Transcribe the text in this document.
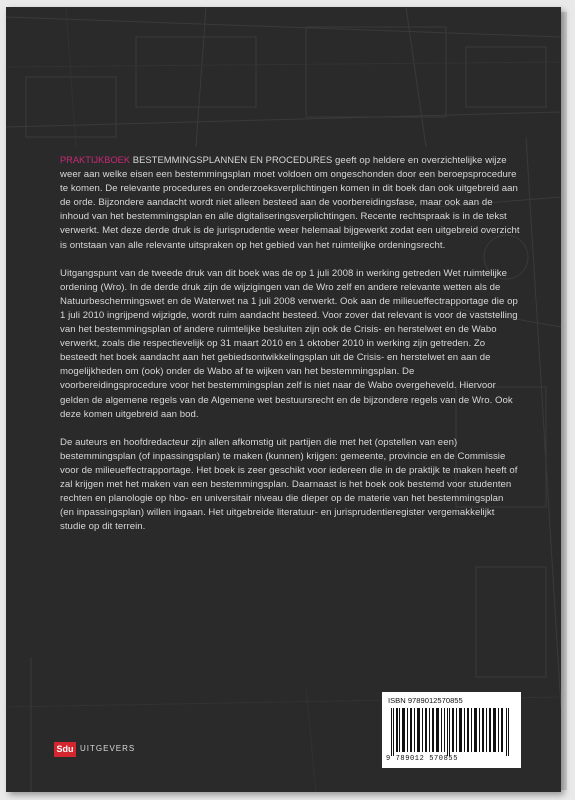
PRAKTIJKBOEK BESTEMMINGSPLANNEN EN PROCEDURES geeft op heldere en overzichtelijke wijze weer aan welke eisen een bestemmingsplan moet voldoen om ongeschonden door een beroepsprocedure te komen. De relevante procedures en onderzoeksverplichtingen komen in dit boek dan ook uitgebreid aan de orde. Bijzondere aandacht wordt niet alleen besteed aan de voorbereidingsfase, maar ook aan de inhoud van het bestemmingsplan en alle digitaliseringsverplichtingen. Recente rechtspraak is in de tekst verwerkt. Met deze derde druk is de jurisprudentie weer helemaal bijgewerkt zodat een uitgebreid overzicht is ontstaan van alle relevante uitspraken op het gebied van het ruimtelijke ordeningsrecht.

Uitgangspunt van de tweede druk van dit boek was de op 1 juli 2008 in werking getreden Wet ruimtelijke ordening (Wro). In de derde druk zijn de wijzigingen van de Wro zelf en andere relevante wetten als de Natuurbeschermingswet en de Waterwet na 1 juli 2008 verwerkt. Ook aan de milieueffectrapportage die op 1 juli 2010 ingrijpend wijzigde, wordt ruim aandacht besteed. Voor zover dat relevant is voor de vaststelling van het bestemmingsplan of andere ruimtelijke besluiten zijn ook de Crisis- en herstelwet en de Wabo verwerkt, zoals die respectievelijk op 31 maart 2010 en 1 oktober 2010 in werking zijn getreden. Zo besteedt het boek aandacht aan het gebiedsontwikkelingsplan uit de Crisis- en herstelwet en aan de mogelijkheden om (ook) onder de Wabo af te wijken van het bestemmingsplan. De voorbereidingsprocedure voor het bestemmingsplan zelf is niet naar de Wabo overgeheveld. Hiervoor gelden de algemene regels van de Algemene wet bestuursrecht en de bijzondere regels van de Wro. Ook deze komen uitgebreid aan bod.

De auteurs en hoofdredacteur zijn allen afkomstig uit partijen die met het (opstellen van een) bestemmingsplan (of inpassingsplan) te maken (kunnen) krijgen: gemeente, provincie en de Commissie voor de milieueffectrapportage. Het boek is zeer geschikt voor iedereen die in de praktijk te maken heeft of zal krijgen met het maken van een bestemmingsplan. Daarnaast is het boek ook bestemd voor studenten rechten en planologie op hbo- en universitair niveau die dieper op de materie van het bestemmingsplan (en inpassingsplan) willen ingaan. Het uitgebreide literatuur- en jurisprudentieregister vergemakkelijkt studie op dit terrein.

ISBN 9789012570855
9 789012 570855
Sdu UITGEVERS
